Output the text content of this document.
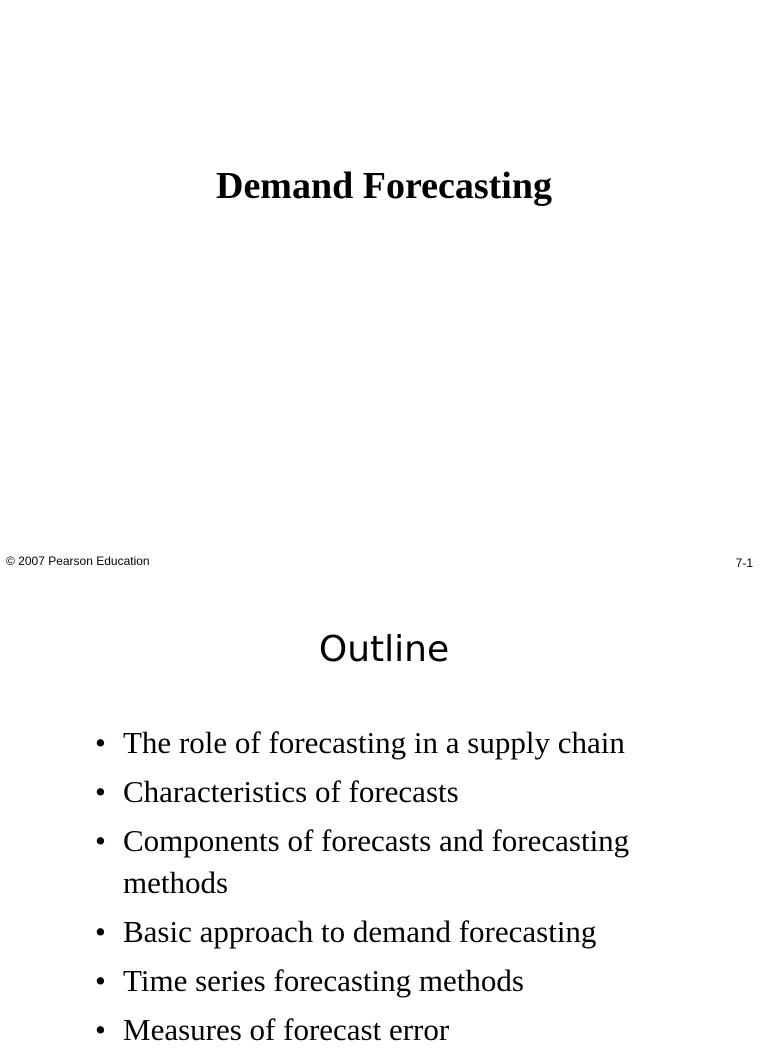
Demand Forecasting
© 2007 Pearson Education	7-1
Outline
• The role of forecasting in a supply chain
• Characteristics of forecasts
• Components of forecasts and forecasting methods
• Basic approach to demand forecasting
• Time series forecasting methods
• Measures of forecast error
